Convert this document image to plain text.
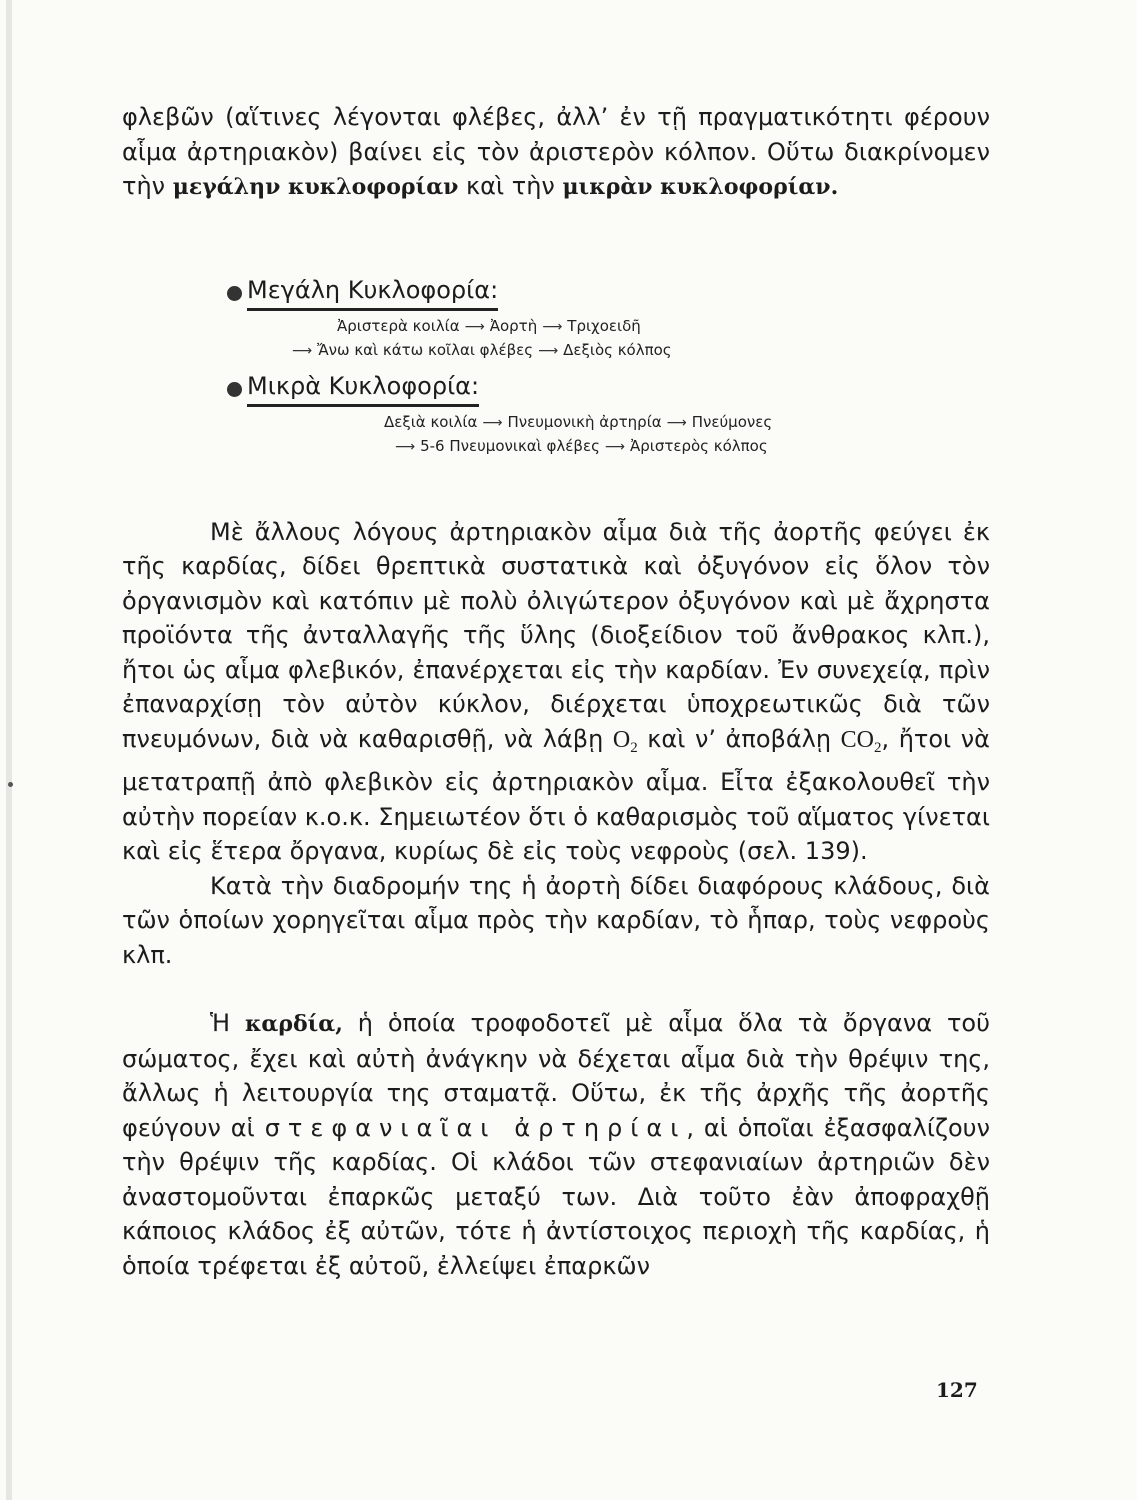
φλεβῶν (αἵτινες λέγονται φλέβες, ἀλλ’ ἐν τῇ πραγματικότητι φέρουν αἷμα ἀρτηριακὸν) βαίνει εἰς τὸν ἀριστερὸν κόλπον. Οὕτω διακρίνομεν τὴν μεγάλην κυκλοφορίαν καὶ τὴν μικρὰν κυκλοφορίαν.

Μεγάλη Κυκλοφορία:
Ἀριστερὰ κοιλία ⟶ Ἀορτὴ ⟶ Τριχοειδῆ
⟶ Ἄνω καὶ κάτω κοῖλαι φλέβες ⟶ Δεξιὸς κόλπος
Μικρὰ Κυκλοφορία:
Δεξιὰ κοιλία ⟶ Πνευμονικὴ ἀρτηρία ⟶ Πνεύμονες
⟶ 5-6 Πνευμονικαὶ φλέβες ⟶ Ἀριστερὸς κόλπος

Μὲ ἄλλους λόγους ἀρτηριακὸν αἷμα διὰ τῆς ἀορτῆς φεύγει ἐκ τῆς καρδίας, δίδει θρεπτικὰ συστατικὰ καὶ ὀξυγόνον εἰς ὅλον τὸν ὀργανισμὸν καὶ κατόπιν μὲ πολὺ ὀλιγώτερον ὀξυγόνον καὶ μὲ ἄχρηστα προϊόντα τῆς ἀνταλλαγῆς τῆς ὕλης (διοξείδιον τοῦ ἄνθρακος κλπ.), ἤτοι ὡς αἷμα φλεβικόν, ἐπανέρχεται εἰς τὴν καρδίαν. Ἐν συνεχείᾳ, πρὶν ἐπαναρχίσῃ τὸν αὐτὸν κύκλον, διέρχεται ὑποχρεωτικῶς διὰ τῶν πνευμόνων, διὰ νὰ καθαρισθῇ, νὰ λάβῃ $O_2$ καὶ ν’ ἀποβάλῃ $CO_2$, ἤτοι νὰ μετατραπῇ ἀπὸ φλεβικὸν εἰς ἀρτηριακὸν αἷμα. Εἶτα ἐξακολουθεῖ τὴν αὐτὴν πορείαν κ.ο.κ. Σημειωτέον ὅτι ὁ καθαρισμὸς τοῦ αἵματος γίνεται καὶ εἰς ἕτερα ὄργανα, κυρίως δὲ εἰς τοὺς νεφροὺς (σελ. 139).

Κατὰ τὴν διαδρομήν της ἡ ἀορτὴ δίδει διαφόρους κλάδους, διὰ τῶν ὁποίων χορηγεῖται αἷμα πρὸς τὴν καρδίαν, τὸ ἧπαρ, τοὺς νεφροὺς κλπ.

Ἡ καρδία, ἡ ὁποία τροφοδοτεῖ μὲ αἷμα ὅλα τὰ ὄργανα τοῦ σώματος, ἔχει καὶ αὐτὴ ἀνάγκην νὰ δέχεται αἷμα διὰ τὴν θρέψιν της, ἄλλως ἡ λειτουργία της σταματᾷ. Οὕτω, ἐκ τῆς ἀρχῆς τῆς ἀορτῆς φεύγουν αἱ στεφανιαῖαι ἀρτηρίαι, αἱ ὁποῖαι ἐξασφαλίζουν τὴν θρέψιν τῆς καρδίας. Οἱ κλάδοι τῶν στεφανιαίων ἀρτηριῶν δὲν ἀναστομοῦνται ἐπαρκῶς μεταξύ των. Διὰ τοῦτο ἐὰν ἀποφραχθῇ κάποιος κλάδος ἐξ αὐτῶν, τότε ἡ ἀντίστοιχος περιοχὴ τῆς καρδίας, ἡ ὁποία τρέφεται ἐξ αὐτοῦ, ἐλλείψει ἐπαρκῶν

127
